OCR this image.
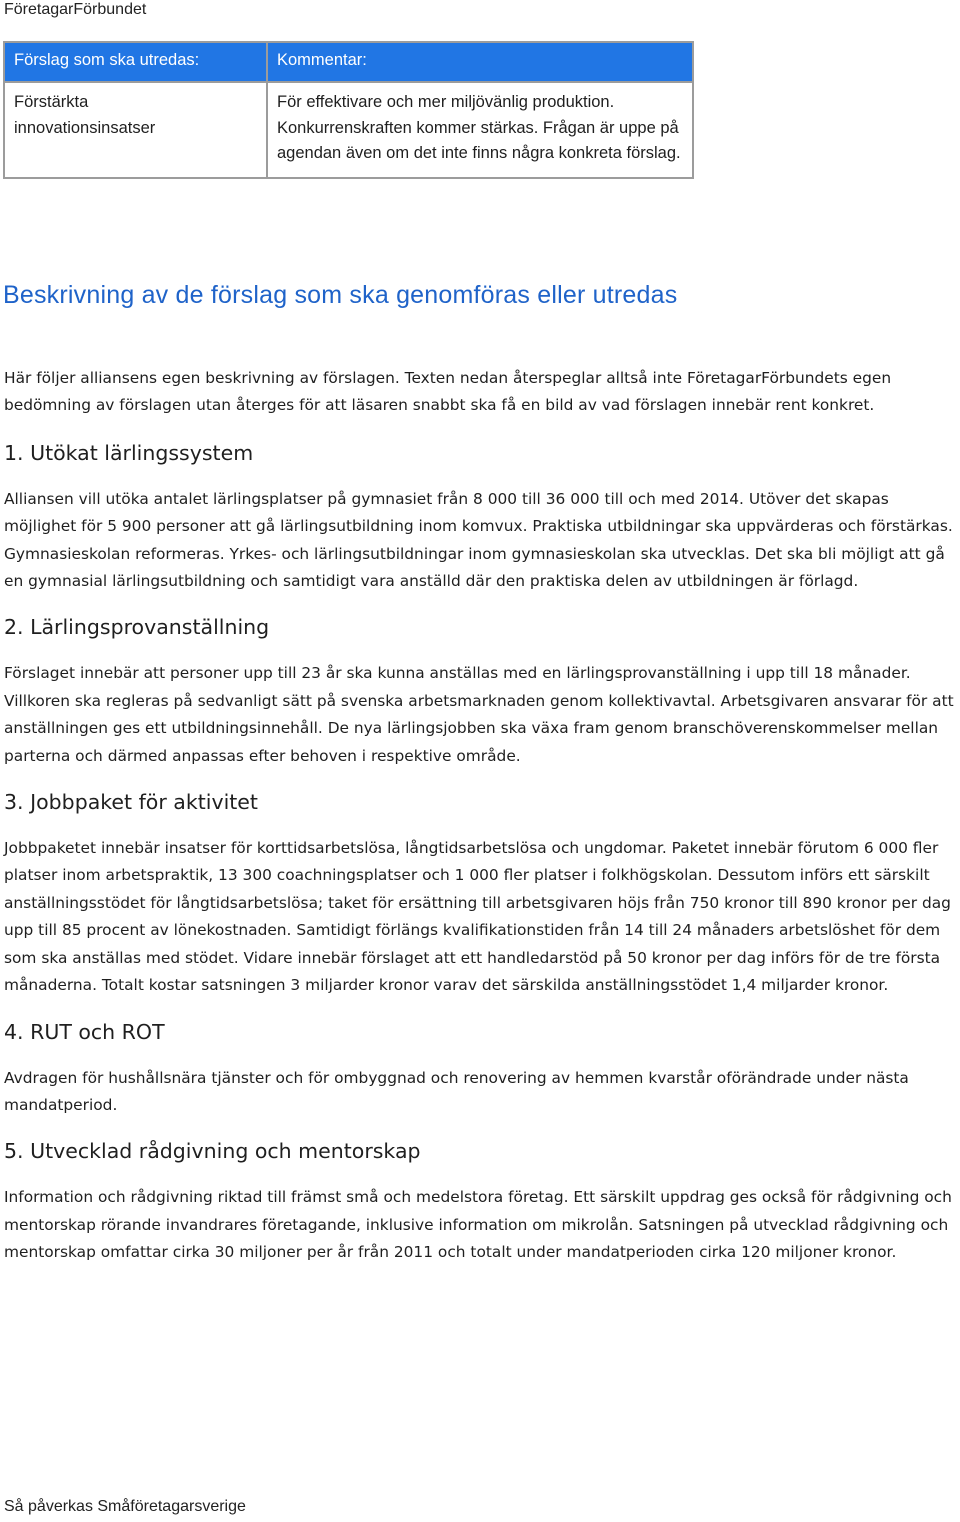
FöretagarFörbundet
Förslag som ska utredas:	Kommentar:

Förstärkta innovationsinsatser	För effektivare och mer miljövänlig produktion. Konkurrenskraften kommer stärkas. Frågan är uppe på agendan även om det inte finns några konkreta förslag.
Beskrivning av de förslag som ska genomföras eller utredas

Här följer alliansens egen beskrivning av förslagen. Texten nedan återspeglar alltså inte FöretagarFörbundets egen bedömning av förslagen utan återges för att läsaren snabbt ska få en bild av vad förslagen innebär rent konkret.

1. Utökat lärlingssystem

Alliansen vill utöka antalet lärlingsplatser på gymnasiet från 8 000 till 36 000 till och med 2014. Utöver det skapas möjlighet för 5 900 personer att gå lärlingsutbildning inom komvux. Praktiska utbildningar ska uppvärderas och förstärkas. Gymnasieskolan reformeras. Yrkes- och lärlingsutbildningar inom gymnasieskolan ska utvecklas. Det ska bli möjligt att gå en gymnasial lärlingsutbildning och samtidigt vara anställd där den praktiska delen av utbildningen är förlagd.

2. Lärlingsprovanställning

Förslaget innebär att personer upp till 23 år ska kunna anställas med en lärlingsprovanställning i upp till 18 månader. Villkoren ska regleras på sedvanligt sätt på svenska arbetsmarknaden genom kollektivavtal. Arbetsgivaren ansvarar för att anställningen ges ett utbildningsinnehåll. De nya lärlingsjobben ska växa fram genom branschöverenskommelser mellan parterna och därmed anpassas efter behoven i respektive område.

3. Jobbpaket för aktivitet

Jobbpaketet innebär insatser för korttidsarbetslösa, långtidsarbetslösa och ungdomar. Paketet innebär förutom 6 000 fler platser inom arbetspraktik, 13 300 coachningsplatser och 1 000 fler platser i folkhögskolan. Dessutom införs ett särskilt anställningsstödet för långtidsarbetslösa; taket för ersättning till arbetsgivaren höjs från 750 kronor till 890 kronor per dag upp till 85 procent av lönekostnaden. Samtidigt förlängs kvalifikationstiden från 14 till 24 månaders arbetslöshet för dem som ska anställas med stödet. Vidare innebär förslaget att ett handledarstöd på 50 kronor per dag införs för de tre första månaderna. Totalt kostar satsningen 3 miljarder kronor varav det särskilda anställningsstödet 1,4 miljarder kronor.

4. RUT och ROT

Avdragen för hushållsnära tjänster och för ombyggnad och renovering av hemmen kvarstår oförändrade under nästa mandatperiod.

5. Utvecklad rådgivning och mentorskap

Information och rådgivning riktad till främst små och medelstora företag. Ett särskilt uppdrag ges också för rådgivning och mentorskap rörande invandrares företagande, inklusive information om mikrolån. Satsningen på utvecklad rådgivning och mentorskap omfattar cirka 30 miljoner per år från 2011 och totalt under mandatperioden cirka 120 miljoner kronor.

Så påverkas Småföretagarsverige
